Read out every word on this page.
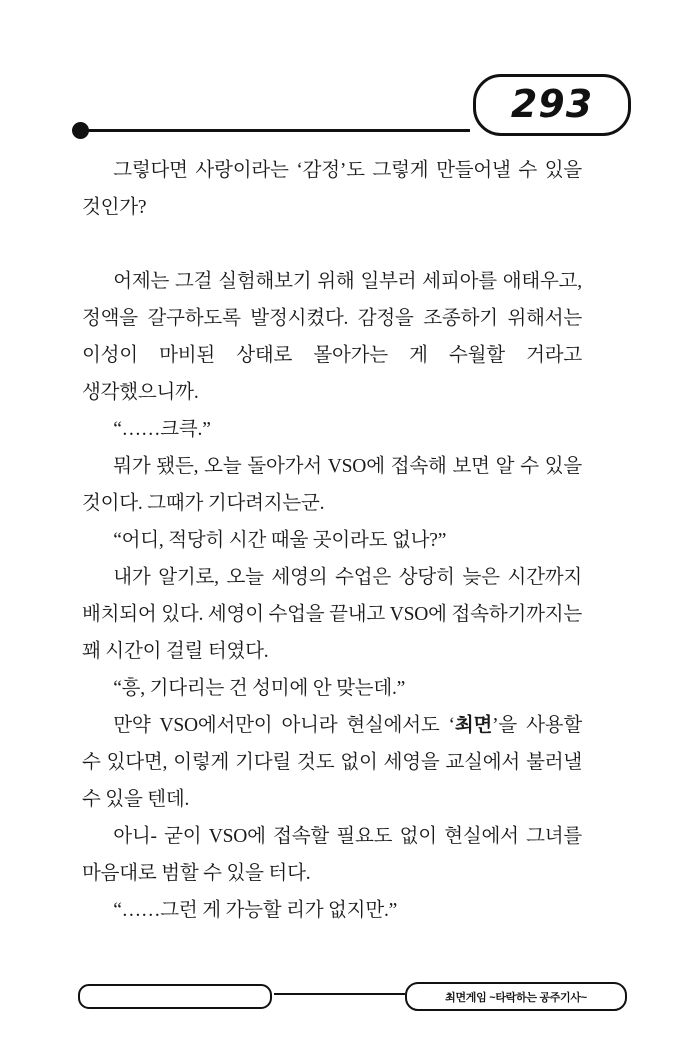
293

그렇다면 사랑이라는 ‘감정’도 그렇게 만들어낼 수 있을 것인가?

어제는 그걸 실험해보기 위해 일부러 세피아를 애태우고, 정액을 갈구하도록 발정시켰다. 감정을 조종하기 위해서는 이성이 마비된 상태로 몰아가는 게 수월할 거라고 생각했으니까.

“……크큭.”

뭐가 됐든, 오늘 돌아가서 VSO에 접속해 보면 알 수 있을 것이다. 그때가 기다려지는군.

“어디, 적당히 시간 때울 곳이라도 없나?”

내가 알기로, 오늘 세영의 수업은 상당히 늦은 시간까지 배치되어 있다. 세영이 수업을 끝내고 VSO에 접속하기까지는 꽤 시간이 걸릴 터였다.

“흥, 기다리는 건 성미에 안 맞는데.”

만약 VSO에서만이 아니라 현실에서도 ‘최면’을 사용할 수 있다면, 이렇게 기다릴 것도 없이 세영을 교실에서 불러낼 수 있을 텐데.

아니- 굳이 VSO에 접속할 필요도 없이 현실에서 그녀를 마음대로 범할 수 있을 터다.

“……그런 게 가능할 리가 없지만.”

최면게임 ~타락하는 공주기사~
